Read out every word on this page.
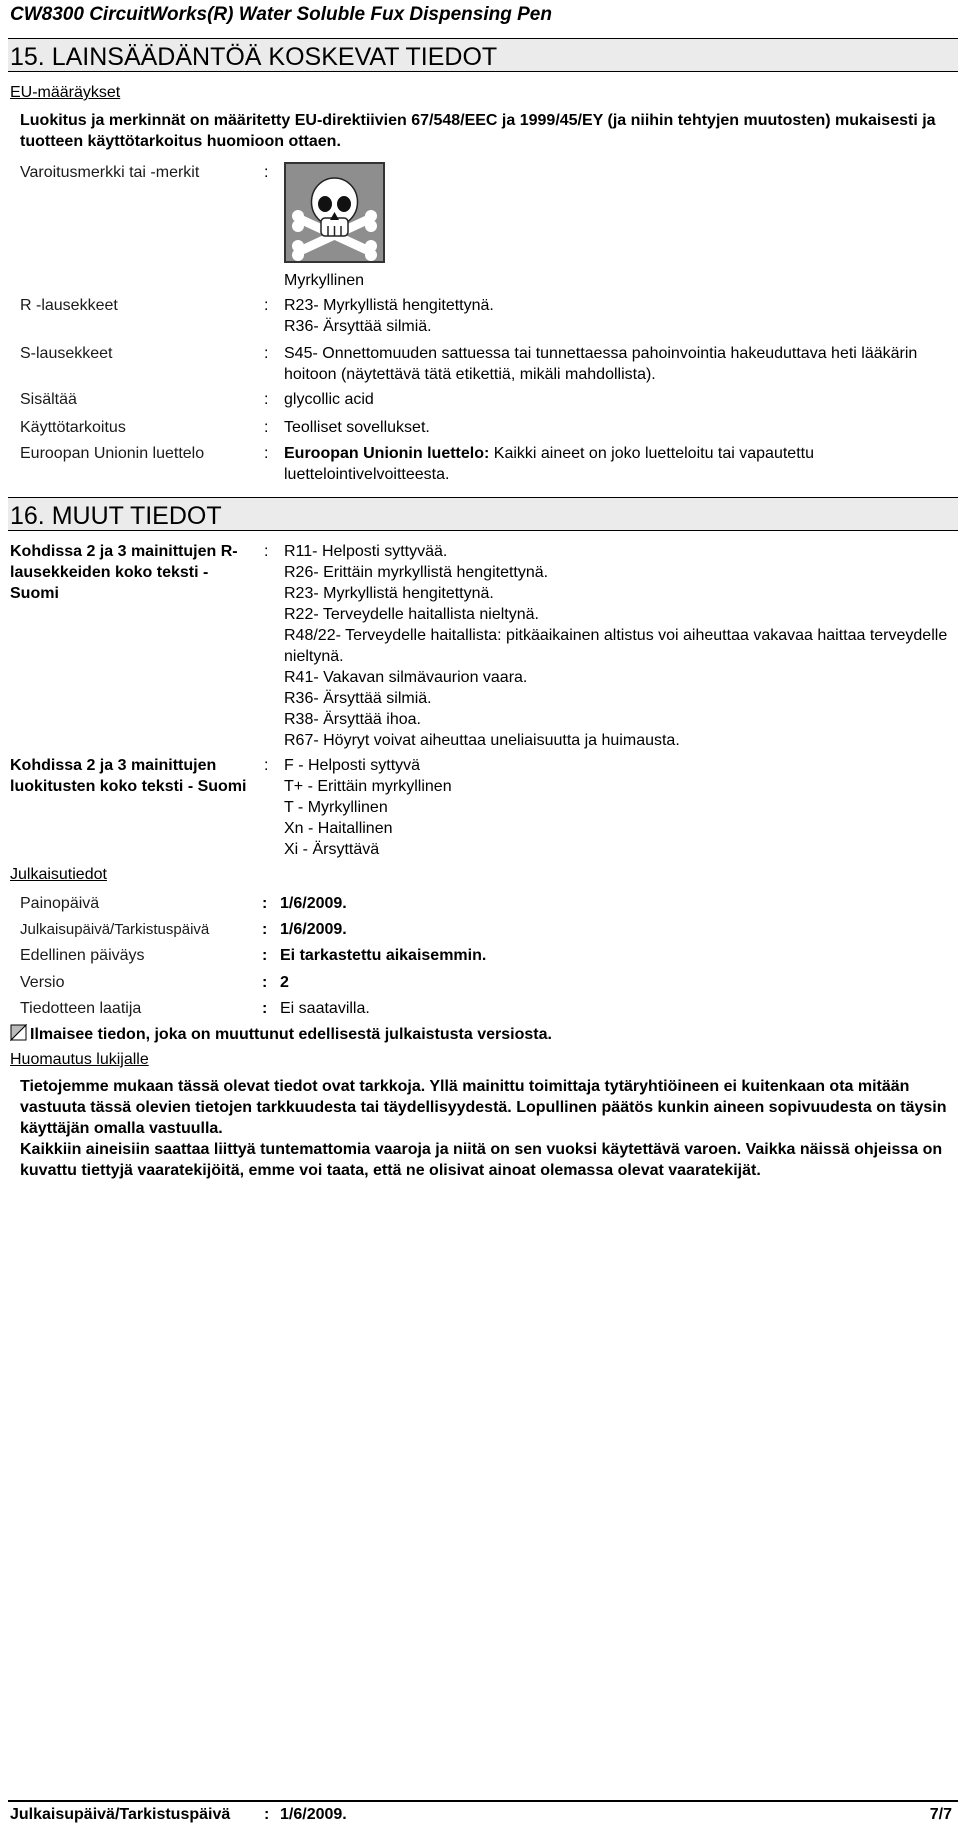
CW8300 CircuitWorks(R) Water Soluble Fux Dispensing Pen
15. LAINSÄÄDÄNTÖÄ KOSKEVAT TIEDOT
EU-määräykset
Luokitus ja merkinnät on määritetty EU-direktiivien 67/548/EEC ja 1999/45/EY (ja niihin tehtyjen muutosten) mukaisesti ja tuotteen käyttötarkoitus huomioon ottaen.
Varoitusmerkki tai -merkit	:
Myrkyllinen
R -lausekkeet	: R23- Myrkyllistä hengitettynä.
R36- Ärsyttää silmiä.
S-lausekkeet	: S45- Onnettomuuden sattuessa tai tunnettaessa pahoinvointia hakeuduttava heti lääkärin hoitoon (näytettävä tätä etikettiä, mikäli mahdollista).
Sisältää	: glycollic acid
Käyttötarkoitus	: Teolliset sovellukset.
Euroopan Unionin luettelo	: Euroopan Unionin luettelo: Kaikki aineet on joko luetteloitu tai vapautettu luettelointivelvoitteesta.
16. MUUT TIEDOT
Kohdissa 2 ja 3 mainittujen R-lausekkeiden koko teksti - Suomi
: R11- Helposti syttyvää.
R26- Erittäin myrkyllistä hengitettynä.
R23- Myrkyllistä hengitettynä.
R22- Terveydelle haitallista nieltynä.
R48/22- Terveydelle haitallista: pitkäaikainen altistus voi aiheuttaa vakavaa haittaa terveydelle nieltynä.
R41- Vakavan silmävaurion vaara.
R36- Ärsyttää silmiä.
R38- Ärsyttää ihoa.
R67- Höyryt voivat aiheuttaa uneliaisuutta ja huimausta.
Kohdissa 2 ja 3 mainittujen luokitusten koko teksti - Suomi
: F - Helposti syttyvä
T+ - Erittäin myrkyllinen
T - Myrkyllinen
Xn - Haitallinen
Xi - Ärsyttävä
Julkaisutiedot
Painopäivä	: 1/6/2009.
Julkaisupäivä/Tarkistuspäivä	: 1/6/2009.
Edellinen päiväys	: Ei tarkastettu aikaisemmin.
Versio	: 2
Tiedotteen laatija	: Ei saatavilla.
Ilmaisee tiedon, joka on muuttunut edellisestä julkaistusta versiosta.
Huomautus lukijalle
Tietojemme mukaan tässä olevat tiedot ovat tarkkoja. Yllä mainittu toimittaja tytäryhtiöineen ei kuitenkaan ota mitään vastuuta tässä olevien tietojen tarkkuudesta tai täydellisyydestä. Lopullinen päätös kunkin aineen sopivuudesta on täysin käyttäjän omalla vastuulla.
Kaikkiin aineisiin saattaa liittyä tuntemattomia vaaroja ja niitä on sen vuoksi käytettävä varoen. Vaikka näissä ohjeissa on kuvattu tiettyjä vaaratekijöitä, emme voi taata, että ne olisivat ainoat olemassa olevat vaaratekijät.
Julkaisupäivä/Tarkistuspäivä : 1/6/2009.	7/7
